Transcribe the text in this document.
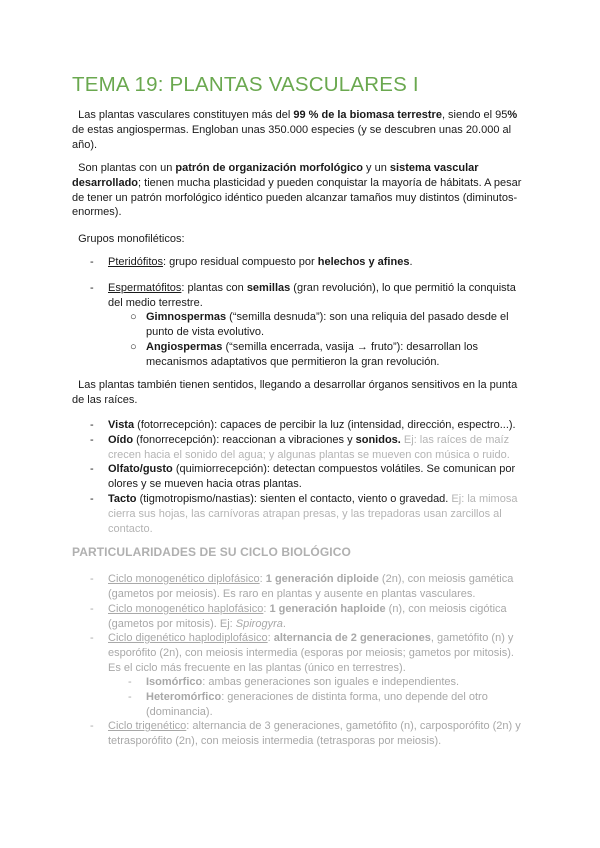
TEMA 19: PLANTAS VASCULARES I

Las plantas vasculares constituyen más del 99 % de la biomasa terrestre, siendo el 95% de estas angiospermas. Engloban unas 350.000 especies (y se descubren unas 20.000 al año).

Son plantas con un patrón de organización morfológico y un sistema vascular desarrollado; tienen mucha plasticidad y pueden conquistar la mayoría de hábitats. A pesar de tener un patrón morfológico idéntico pueden alcanzar tamaños muy distintos (diminutos-enormes).

Grupos monofiléticos:

- Pteridófitos: grupo residual compuesto por helechos y afines.

- Espermatófitos: plantas con semillas (gran revolución), lo que permitió la conquista del medio terrestre.

○ Gimnospermas (“semilla desnuda”): son una reliquia del pasado desde el punto de vista evolutivo.

○ Angiospermas (“semilla encerrada, vasija → fruto”): desarrollan los mecanismos adaptativos que permitieron la gran revolución.

Las plantas también tienen sentidos, llegando a desarrollar órganos sensitivos en la punta de las raíces.

- Vista (fotorrecepción): capaces de percibir la luz (intensidad, dirección, espectro...).

- Oído (fonorrecepción): reaccionan a vibraciones y sonidos. Ej: las raíces de maíz crecen hacia el sonido del agua; y algunas plantas se mueven con música o ruido.

- Olfato/gusto (quimiorrecepción): detectan compuestos volátiles. Se comunican por olores y se mueven hacia otras plantas.

- Tacto (tigmotropismo/nastias): sienten el contacto, viento o gravedad. Ej: la mimosa cierra sus hojas, las carnívoras atrapan presas, y las trepadoras usan zarcillos al contacto.

PARTICULARIDADES DE SU CICLO BIOLÓGICO
- Ciclo monogenético diplofásico: 1 generación diploide (2n), con meiosis gamética (gametos por meiosis). Es raro en plantas y ausente en plantas vasculares.

- Ciclo monogenético haplofásico: 1 generación haploide (n), con meiosis cigótica (gametos por mitosis). Ej: Spirogyra.

- Ciclo digenético haplodiplofásico: alternancia de 2 generaciones, gametófito (n) y esporófito (2n), con meiosis intermedia (esporas por meiosis; gametos por mitosis). Es el ciclo más frecuente en las plantas (único en terrestres).

- Isomórfico: ambas generaciones son iguales e independientes.

- Heteromórfico: generaciones de distinta forma, uno depende del otro (dominancia).

- Ciclo trigenético: alternancia de 3 generaciones, gametófito (n), carposporófito (2n) y tetrasporófito (2n), con meiosis intermedia (tetrasporas por meiosis).
